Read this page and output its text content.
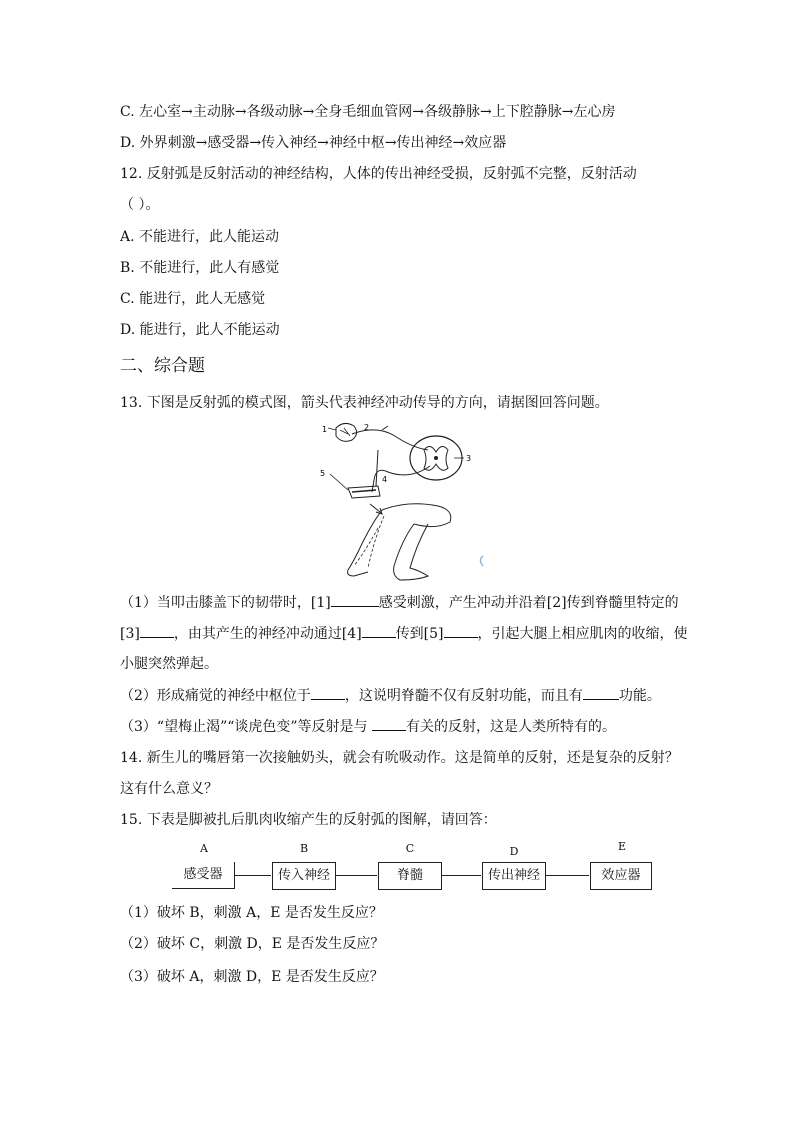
C. 左心室→主动脉→各级动脉→全身毛细血管网→各级静脉→上下腔静脉→左心房
D. 外界刺激→感受器→传入神经→神经中枢→传出神经→效应器
12. 反射弧是反射活动的神经结构，人体的传出神经受损，反射弧不完整，反射活动
（ ）。
A. 不能进行，此人能运动
B. 不能进行，此人有感觉
C. 能进行，此人无感觉
D. 能进行，此人不能运动
二、综合题
13. 下图是反射弧的模式图，箭头代表神经冲动传导的方向，请据图回答问题。
1	2
3
4
5
（1）当叩击膝盖下的韧带时，[1]	感受刺激，产生冲动并沿着[2]传到脊髓里特定的
[3] ，由其产生的神经冲动通过[4] 传到[5] ，引起大腿上相应肌肉的收缩，使
小腿突然弹起。
（2）形成痛觉的神经中枢位于 ，这说明脊髓不仅有反射功能，而且有	功能。
（3）“望梅止渴”“谈虎色变”等反射是与 有关的反射，这是人类所特有的。
14. 新生儿的嘴唇第一次接触奶头，就会有吮吸动作。这是简单的反射，还是复杂的反射？
这有什么意义？
15. 下表是脚被扎后肌肉收缩产生的反射弧的图解，请回答：
A
感受器
B
传入神经
C
脊髓
D
传出神经
E
效应器
（1）破坏 B，刺激 A，E 是否发生反应？
（2）破坏 C，刺激 D，E 是否发生反应？
（3）破坏 A，刺激 D，E 是否发生反应？
